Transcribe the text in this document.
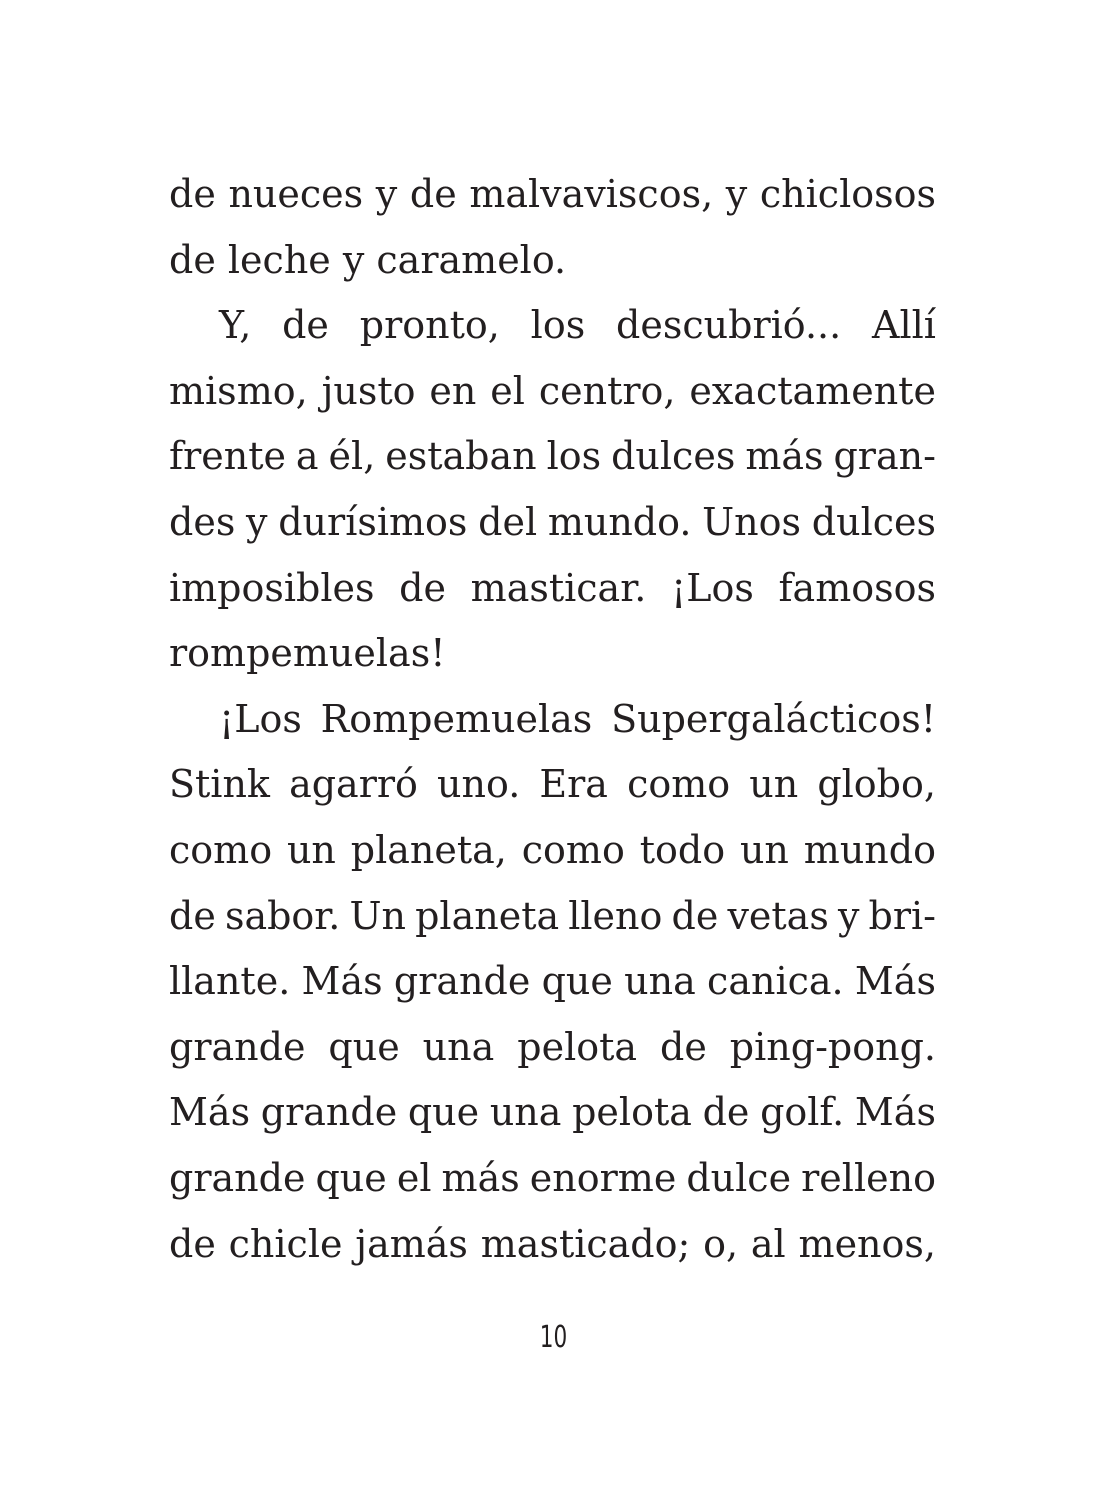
de nueces y de malvaviscos, y chiclosos
de leche y caramelo.
Y, de pronto, los descubrió... Allí
mismo, justo en el centro, exactamente
frente a él, estaban los dulces más gran-
des y durísimos del mundo. Unos dulces
imposibles de masticar. ¡Los famosos
rompemuelas!
¡Los Rompemuelas Supergalácticos!
Stink agarró uno. Era como un globo,
como un planeta, como todo un mundo
de sabor. Un planeta lleno de vetas y bri-
llante. Más grande que una canica. Más
grande que una pelota de ping-pong.
Más grande que una pelota de golf. Más
grande que el más enorme dulce relleno
de chicle jamás masticado; o, al menos,
10
